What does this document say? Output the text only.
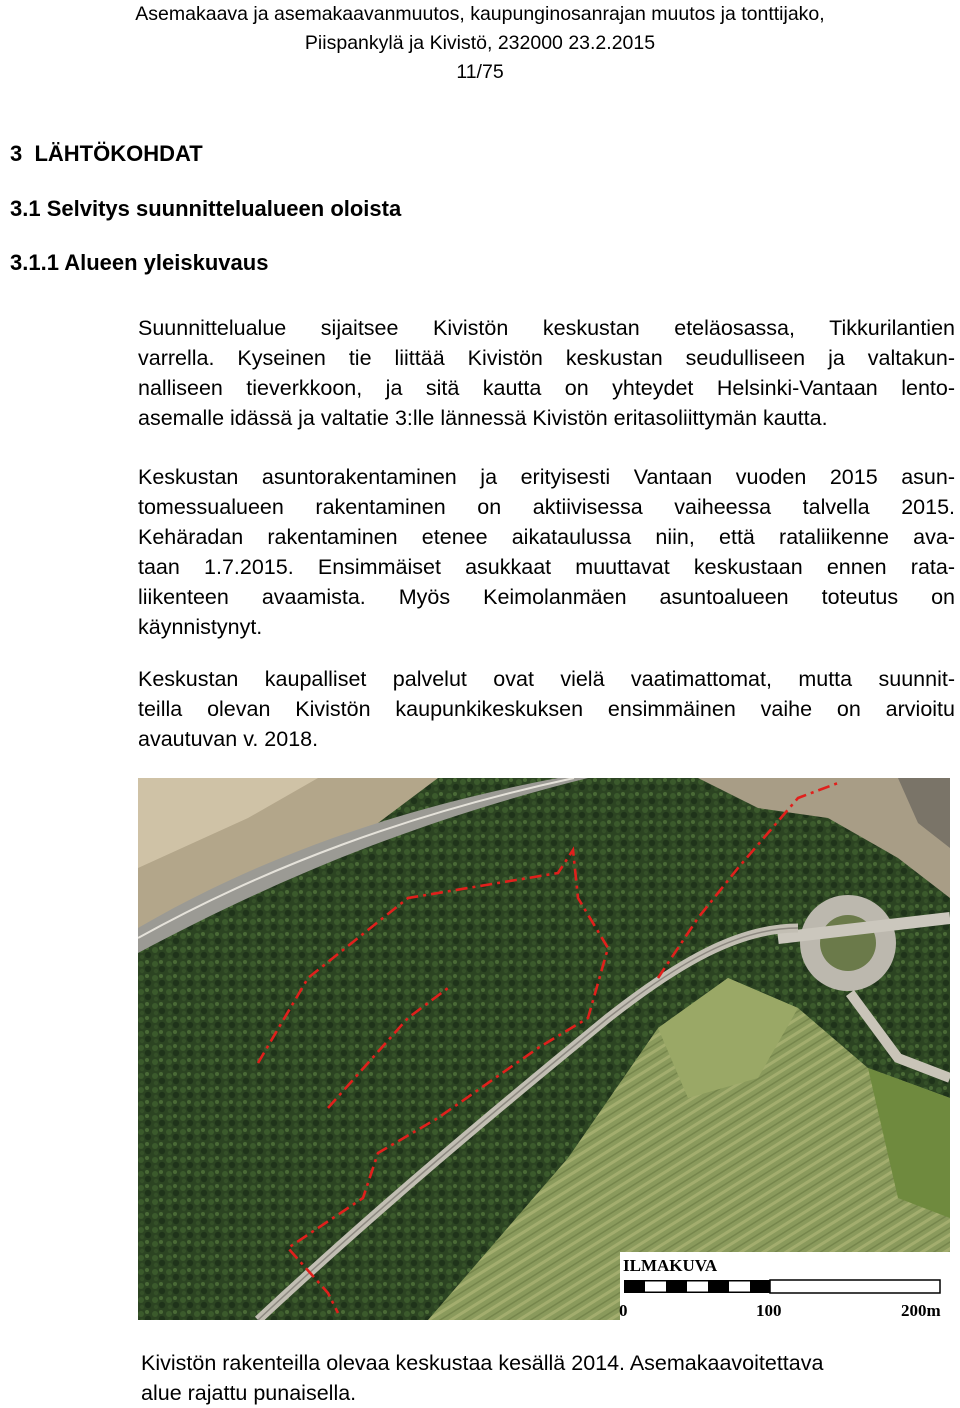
Asemakaava ja asemakaavanmuutos, kaupunginosanrajan muutos ja tonttijako,
Piispankylä ja Kivistö, 232000 23.2.2015
11/75
3  LÄHTÖKOHDAT
3.1 Selvitys suunnittelualueen oloista
3.1.1 Alueen yleiskuvaus
Suunnittelualue sijaitsee Kivistön keskustan eteläosassa, Tikkurilantien
varrella. Kyseinen tie liittää Kivistön keskustan seudulliseen ja valtakun-
nalliseen tieverkkoon, ja sitä kautta on yhteydet Helsinki-Vantaan lento-
asemalle idässä ja valtatie 3:lle lännessä Kivistön eritasoliittymän kautta.
Keskustan asuntorakentaminen ja erityisesti Vantaan vuoden 2015 asun-
tomessualueen rakentaminen on aktiivisessa vaiheessa talvella 2015.
Kehäradan rakentaminen etenee aikataulussa niin, että rataliikenne ava-
taan 1.7.2015. Ensimmäiset asukkaat muuttavat keskustaan ennen rata-
liikenteen avaamista. Myös Keimolanmäen asuntoalueen toteutus on
käynnistynyt.
Keskustan kaupalliset palvelut ovat vielä vaatimattomat, mutta suunnit-
teilla olevan Kivistön kaupunkikeskuksen ensimmäinen vaihe on arvioitu
avautuvan v. 2018.
ILMAKUVA
0	100	200m
Kivistön rakenteilla olevaa keskustaa kesällä 2014. Asemakaavoitettava
alue rajattu punaisella.
